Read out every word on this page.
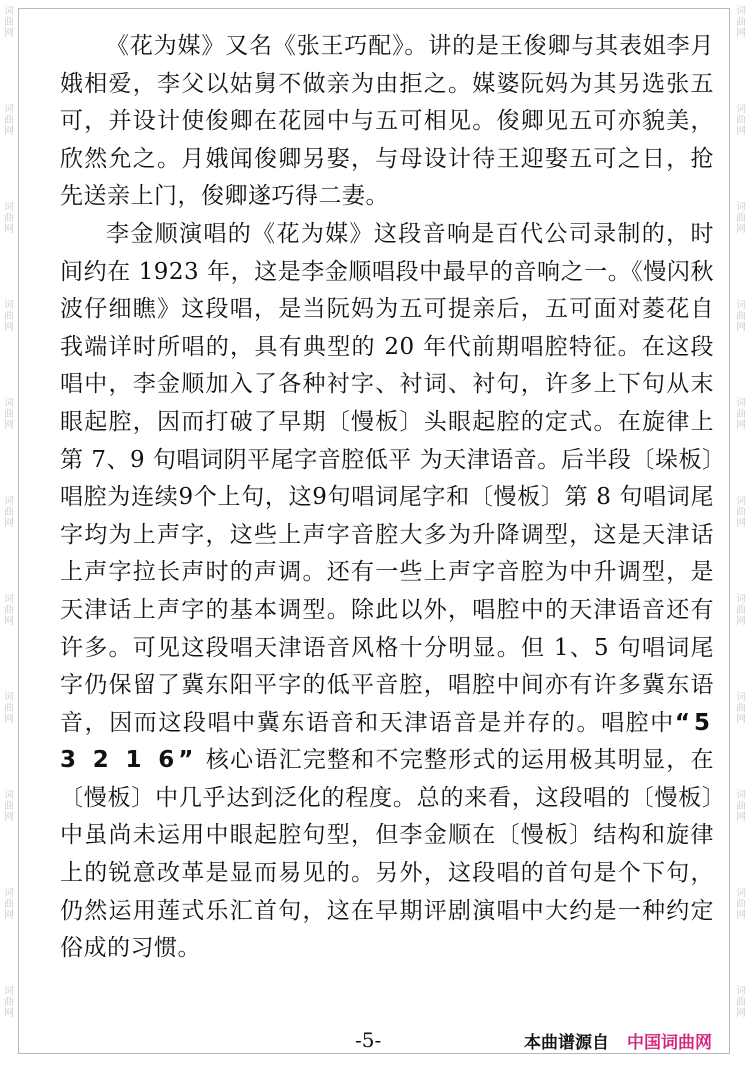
词曲网
词曲网
词曲网
词曲网
词曲网
词曲网
词曲网
词曲网
词曲网
词曲网
词曲网
词曲网
词曲网
词曲网
词曲网
词曲网
词曲网
词曲网
词曲网
词曲网
词曲网
词曲网

《花为媒》又名《张王巧配》。讲的是王俊卿与其表姐李月娥相爱，李父以姑舅不做亲为由拒之。媒婆阮妈为其另选张五可，并设计使俊卿在花园中与五可相见。俊卿见五可亦貌美，欣然允之。月娥闻俊卿另娶，与母设计待王迎娶五可之日，抢先送亲上门，俊卿遂巧得二妻。

李金顺演唱的《花为媒》这段音响是百代公司录制的，时间约在 1923 年，这是李金顺唱段中最早的音响之一。《慢闪秋波仔细瞧》这段唱，是当阮妈为五可提亲后，五可面对菱花自我端详时所唱的，具有典型的 20 年代前期唱腔特征。在这段唱中，李金顺加入了各种衬字、衬词、衬句，许多上下句从末眼起腔，因而打破了早期〔慢板〕头眼起腔的定式。在旋律上第 7、9 句唱词阴平尾字音腔低平 为天津语音。后半段〔垛板〕唱腔为连续9个上句，这9句唱词尾字和〔慢板〕第 8 句唱词尾字均为上声字，这些上声字音腔大多为升降调型，这是天津话上声字拉长声时的声调。还有一些上声字音腔为中升调型，是天津话上声字的基本调型。除此以外，唱腔中的天津语音还有许多。可见这段唱天津语音风格十分明显。但 1、5 句唱词尾字仍保留了冀东阳平字的低平音腔，唱腔中间亦有许多冀东语音，因而这段唱中冀东语音和天津语音是并存的。唱腔中“5 3 2 1 6” 核心语汇完整和不完整形式的运用极其明显，在〔慢板〕中几乎达到泛化的程度。总的来看，这段唱的〔慢板〕中虽尚未运用中眼起腔句型，但李金顺在〔慢板〕结构和旋律上的锐意改革是显而易见的。另外，这段唱的首句是个下句，仍然运用莲式乐汇首句，这在早期评剧演唱中大约是一种约定俗成的习惯。

-5-	本曲谱源自 中国词曲网
